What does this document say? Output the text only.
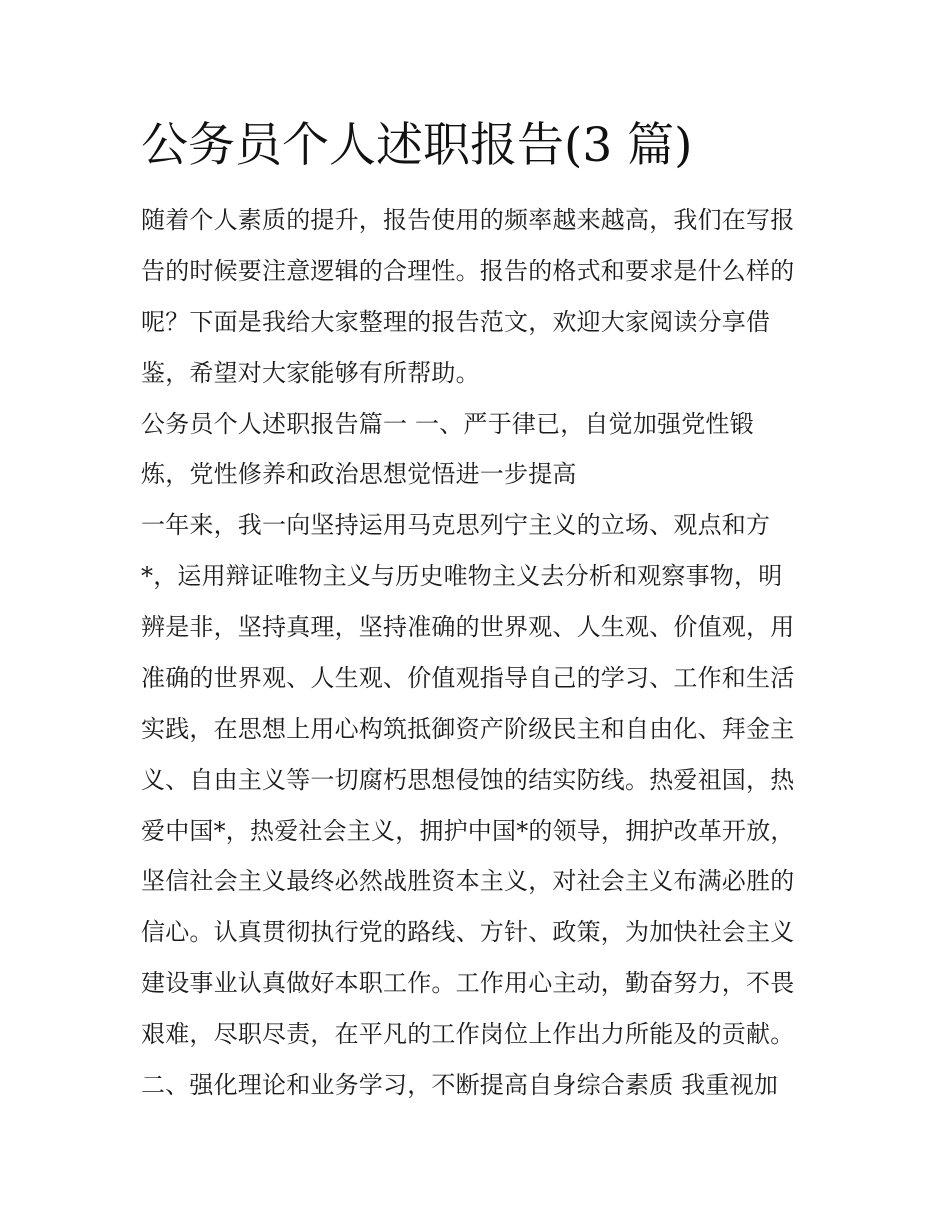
公务员个人述职报告(3 篇)

随着个人素质的提升，报告使用的频率越来越高，我们在写报

告的时候要注意逻辑的合理性。报告的格式和要求是什么样的

呢？下面是我给大家整理的报告范文，欢迎大家阅读分享借

鉴，希望对大家能够有所帮助。

公务员个人述职报告篇一 一、严于律已，自觉加强党性锻

炼，党性修养和政治思想觉悟进一步提高

一年来，我一向坚持运用马克思列宁主义的立场、观点和方

*，运用辩证唯物主义与历史唯物主义去分析和观察事物，明

辨是非，坚持真理，坚持准确的世界观、人生观、价值观，用

准确的世界观、人生观、价值观指导自己的学习、工作和生活

实践，在思想上用心构筑抵御资产阶级民主和自由化、拜金主

义、自由主义等一切腐朽思想侵蚀的结实防线。热爱祖国，热

爱中国*，热爱社会主义，拥护中国*的领导，拥护改革开放，

坚信社会主义最终必然战胜资本主义，对社会主义布满必胜的

信心。认真贯彻执行党的路线、方针、政策，为加快社会主义

建设事业认真做好本职工作。工作用心主动，勤奋努力，不畏

艰难，尽职尽责，在平凡的工作岗位上作出力所能及的贡献。

二、强化理论和业务学习，不断提高自身综合素质 我重视加
